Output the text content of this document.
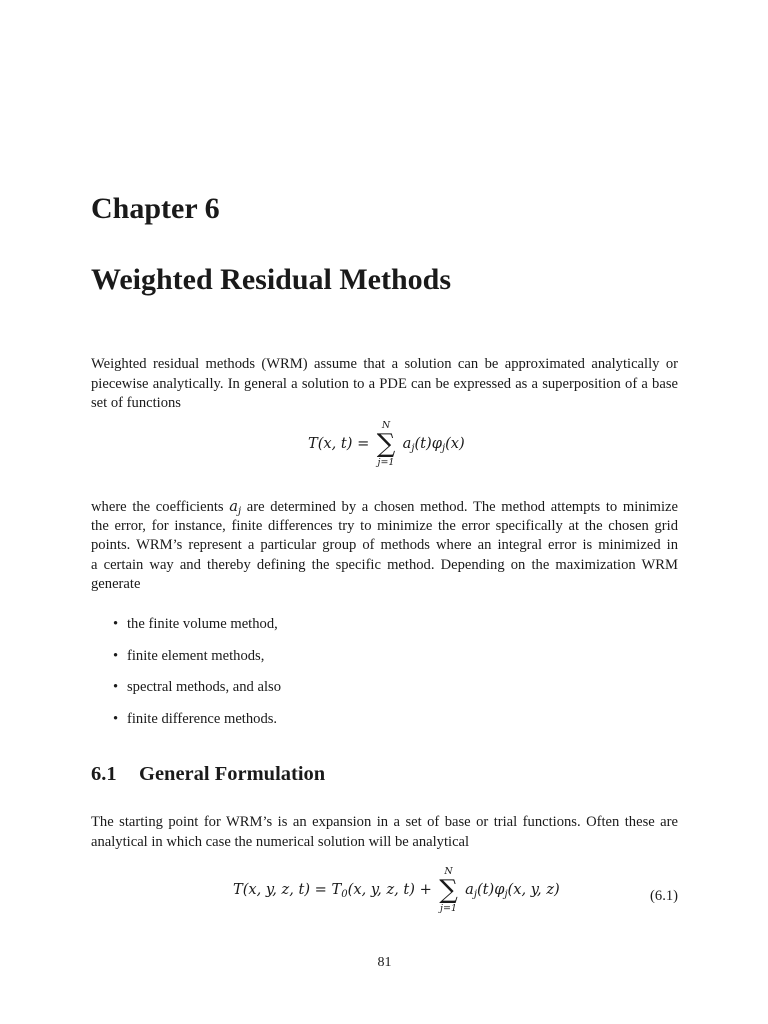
Chapter 6
Weighted Residual Methods

Weighted residual methods (WRM) assume that a solution can be approximated analytically or
piecewise analytically. In general a solution to a PDE can be expressed as a superposition of a base
set of functions

T(x, t) =
N
∑
j=1
$a_j(t)\varphi_j(x)$

where the coefficients $a_j$ are determined by a chosen method. The method attempts to minimize
the error, for instance, finite differences try to minimize the error specifically at the chosen grid
points. WRM’s represent a particular group of methods where an integral error is minimized in
a certain way and thereby defining the specific method. Depending on the maximization WRM
generate

• the finite volume method,
• finite element methods,
• spectral methods, and also
• finite difference methods.
6.1 General Formulation

The starting point for WRM’s is an expansion in a set of base or trial functions. Often these are
analytical in which case the numerical solution will be analytical

T(x, y, z, $t) = T_0(x$, y, z, t) +
N
∑
j=1
$a_j(t)\varphi_j(x$, y, z)	(6.1)
81
